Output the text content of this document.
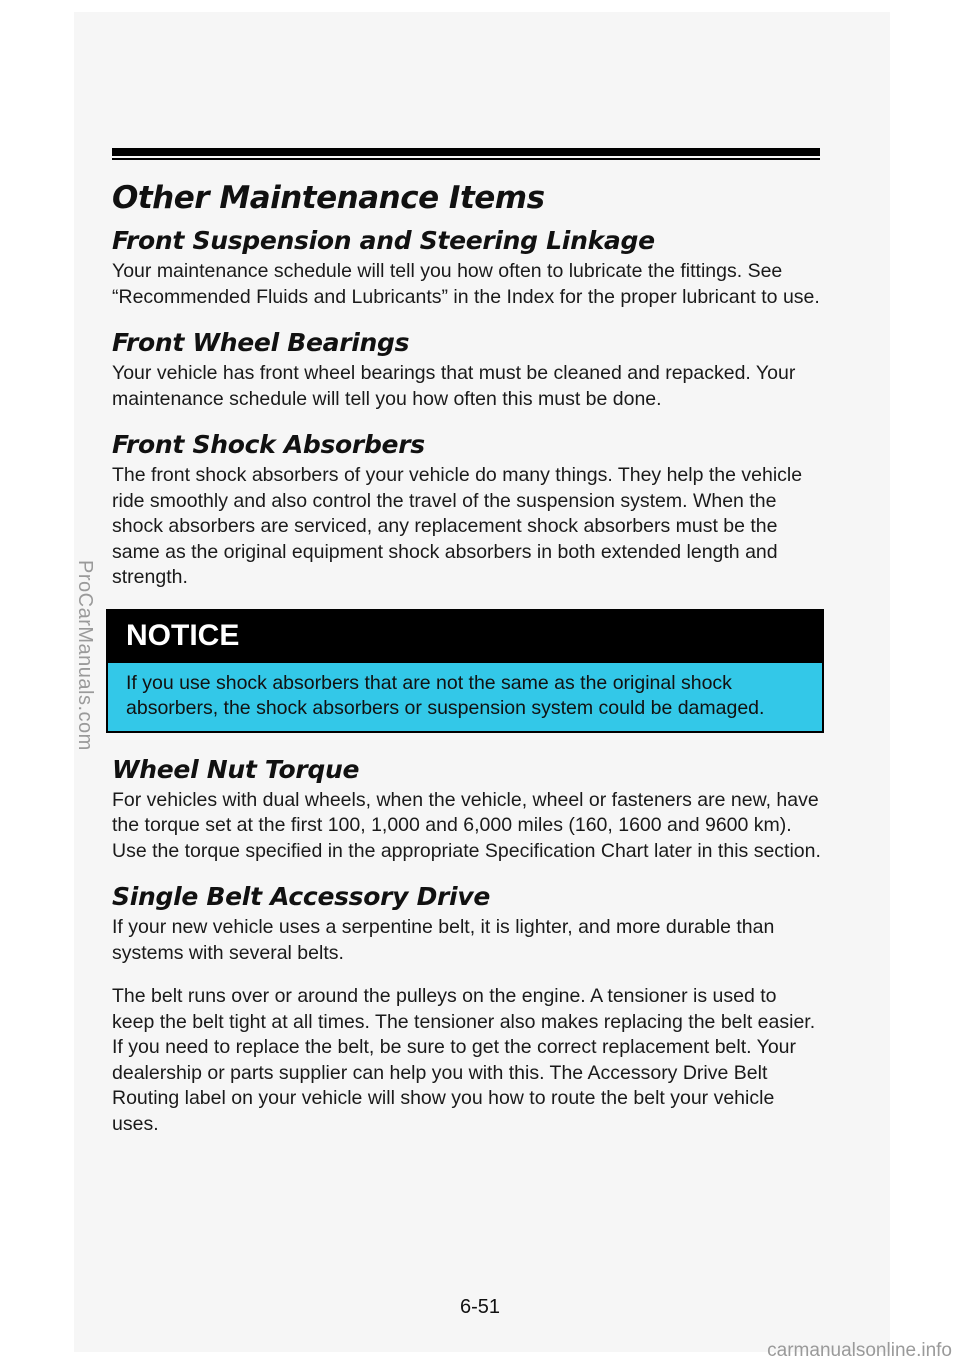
Other Maintenance Items
Front Suspension and Steering Linkage

Your maintenance schedule will tell you how often to lubricate the fittings. See “Recommended Fluids and Lubricants” in the Index for the proper lubricant to use.

Front Wheel Bearings

Your vehicle has front wheel bearings that must be cleaned and repacked. Your maintenance schedule will tell you how often this must be done.

Front Shock Absorbers

The front shock absorbers of your vehicle do many things. They help the vehicle ride smoothly and also control the travel of the suspension system. When the shock absorbers are serviced, any replacement shock absorbers must be the same as the original equipment shock absorbers in both extended length and strength.

NOTICE
If you use shock absorbers that are not the same as the original shock absorbers, the shock absorbers or suspension system could be damaged.
Wheel Nut Torque

For vehicles with dual wheels, when the vehicle, wheel or fasteners are new, have the torque set at the first 100, 1,000 and 6,000 miles (160, 1600 and 9600 km). Use the torque specified in the appropriate Specification Chart later in this section.

Single Belt Accessory Drive

If your new vehicle uses a serpentine belt, it is lighter, and more durable than systems with several belts.

The belt runs over or around the pulleys on the engine. A tensioner is used to keep the belt tight at all times. The tensioner also makes replacing the belt easier. If you need to replace the belt, be sure to get the correct replacement belt. Your dealership or parts supplier can help you with this. The Accessory Drive Belt Routing label on your vehicle will show you how to route the belt your vehicle uses.

6-51
ProCarManuals.com
carmanualsonline.info
